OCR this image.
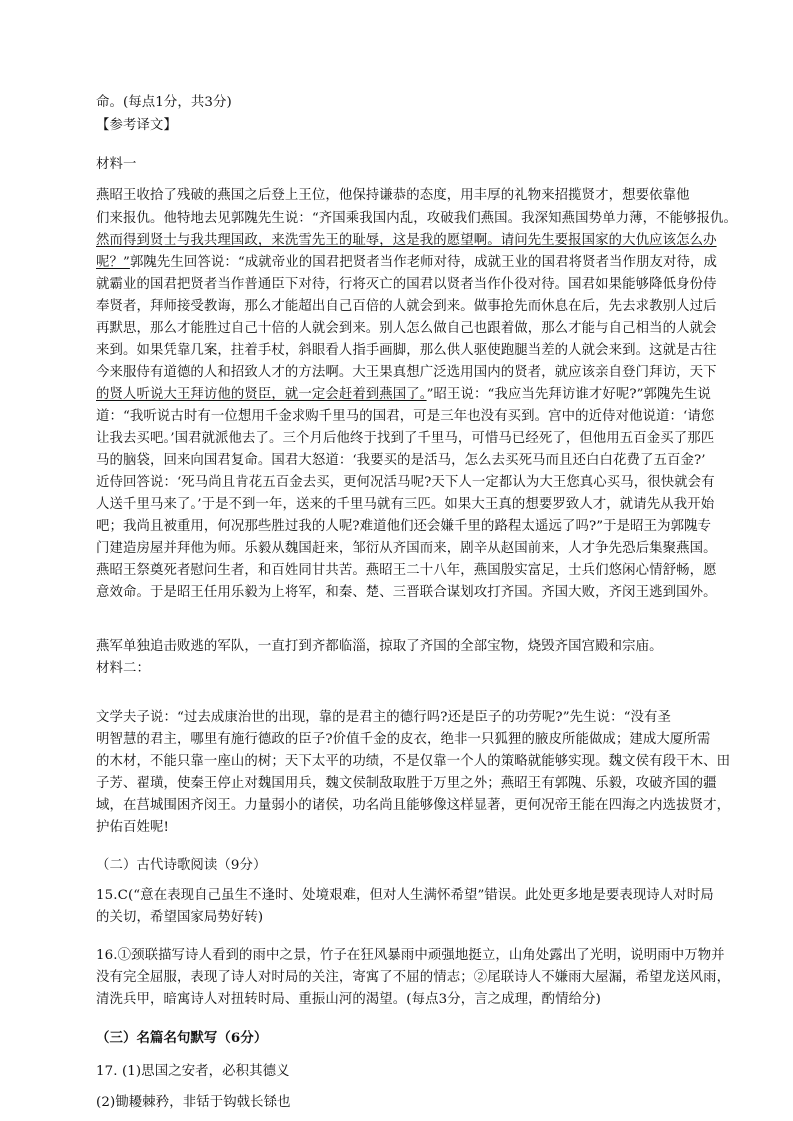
命。(每点1分，共3分)
【参考译文】
材料一
燕昭王收拾了残破的燕国之后登上王位，他保持谦恭的态度，用丰厚的礼物来招揽贤才，想要依靠他
们来报仇。他特地去见郭隗先生说：“齐国乘我国内乱，攻破我们燕国。我深知燕国势单力薄，不能够报仇。
然而得到贤士与我共理国政，来洗雪先王的耻辱，这是我的愿望啊。请问先生要报国家的大仇应该怎么办
呢？”郭隗先生回答说：“成就帝业的国君把贤者当作老师对待，成就王业的国君将贤者当作朋友对待，成
就霸业的国君把贤者当作普通臣下对待，行将灭亡的国君以贤者当作仆役对待。国君如果能够降低身份侍
奉贤者，拜师接受教诲，那么才能超出自己百倍的人就会到来。做事抢先而休息在后，先去求教别人过后
再默思，那么才能胜过自己十倍的人就会到来。别人怎么做自己也跟着做，那么才能与自己相当的人就会
来到。如果凭靠几案，拄着手杖，斜眼看人指手画脚，那么供人驱使跑腿当差的人就会来到。这就是古往
今来服侍有道德的人和招致人才的方法啊。大王果真想广泛选用国内的贤者，就应该亲自登门拜访，天下
的贤人听说大王拜访他的贤臣，就一定会赶着到燕国了。”昭王说：“我应当先拜访谁才好呢?”郭隗先生说
道：“我听说古时有一位想用千金求购千里马的国君，可是三年也没有买到。宫中的近侍对他说道：‘请您
让我去买吧。’国君就派他去了。三个月后他终于找到了千里马，可惜马已经死了，但他用五百金买了那匹
马的脑袋，回来向国君复命。国君大怒道：‘我要买的是活马，怎么去买死马而且还白白花费了五百金?’
近侍回答说：‘死马尚且肯花五百金去买，更何况活马呢?天下人一定都认为大王您真心买马，很快就会有
人送千里马来了。’于是不到一年，送来的千里马就有三匹。如果大王真的想要罗致人才，就请先从我开始
吧；我尚且被重用，何况那些胜过我的人呢?难道他们还会嫌千里的路程太遥远了吗?”于是昭王为郭隗专
门建造房屋并拜他为师。乐毅从魏国赶来，邹衍从齐国而来，剧辛从赵国前来，人才争先恐后集聚燕国。
燕昭王祭奠死者慰问生者，和百姓同甘共苦。燕昭王二十八年，燕国殷实富足，士兵们悠闲心情舒畅，愿
意效命。于是昭王任用乐毅为上将军，和秦、楚、三晋联合谋划攻打齐国。齐国大败，齐闵王逃到国外。
燕军单独追击败逃的军队，一直打到齐都临淄，掠取了齐国的全部宝物，烧毁齐国宫殿和宗庙。
材料二：
文学夫子说：“过去成康治世的出现，靠的是君主的德行吗?还是臣子的功劳呢?”先生说：“没有圣
明智慧的君主，哪里有施行德政的臣子?价值千金的皮衣，绝非一只狐狸的腋皮所能做成；建成大厦所需
的木材，不能只靠一座山的树；天下太平的功绩，不是仅靠一个人的策略就能够实现。魏文侯有段干木、田
子芳、翟璜，使秦王停止对魏国用兵，魏文侯制敌取胜于万里之外；燕昭王有郭隗、乐毅，攻破齐国的疆
域，在莒城围困齐闵王。力量弱小的诸侯，功名尚且能够像这样显著，更何况帝王能在四海之内选拔贤才，
护佑百姓呢!
（二）古代诗歌阅读（9分）
15.C(“意在表现自己虽生不逢时、处境艰难，但对人生满怀希望”错误。此处更多地是要表现诗人对时局
的关切，希望国家局势好转)
16.①颈联描写诗人看到的雨中之景，竹子在狂风暴雨中顽强地挺立，山角处露出了光明，说明雨中万物并
没有完全屈服，表现了诗人对时局的关注，寄寓了不屈的情志；②尾联诗人不嫌雨大屋漏，希望龙送风雨，
清洗兵甲，暗寓诗人对扭转时局、重振山河的渴望。(每点3分，言之成理，酌情给分)
（三）名篇名句默写（6分）
17. (1)思国之安者，必积其德义
(2)锄耰棘矜，非铦于钩戟长铩也
